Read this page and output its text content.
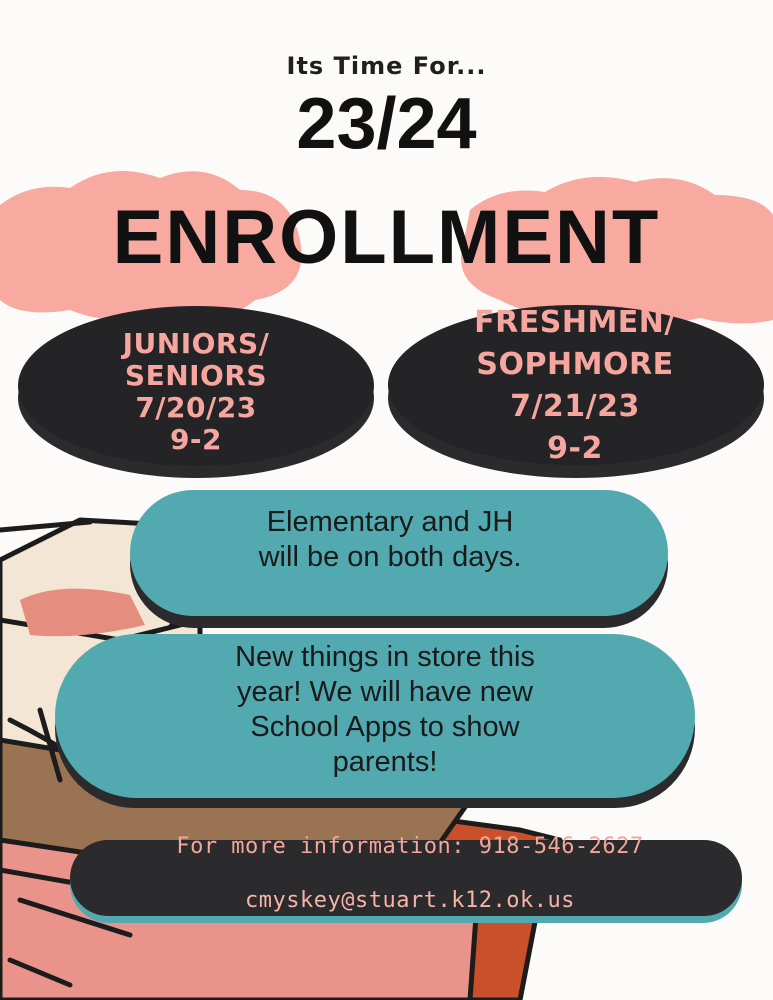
Its Time For...
23/24
ENROLLMENT
JUNIORS/
SENIORS
7/20/23
9-2
FRESHMEN/
SOPHMORE
7/21/23
9-2
Elementary and JH
will be on both days.
New things in store this
year! We will have new
School Apps to show
parents!
For more information: 918-546-2627
cmyskey@stuart.k12.ok.us
